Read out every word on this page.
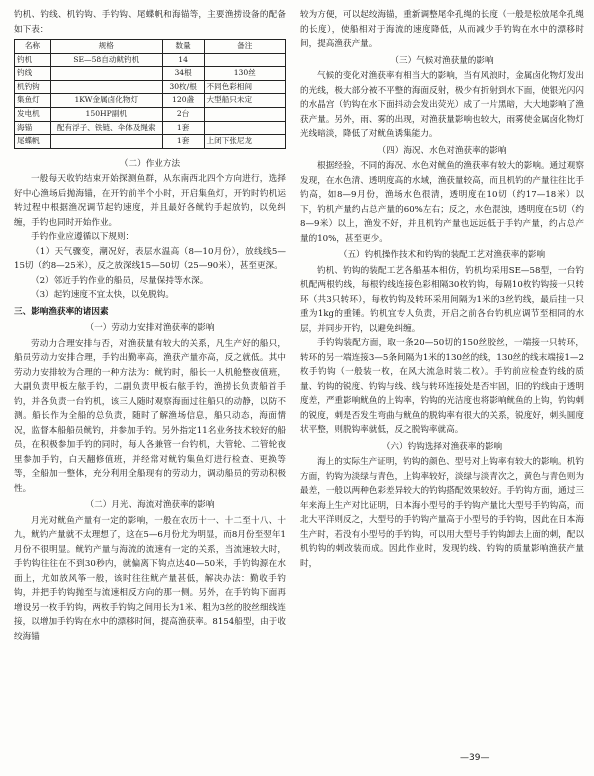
钓机、钓线、机钓钩、手钓钩、尾蝶帆和海锚等，主要渔捞设备的配备如下表：

名称	规格	数量	备注
钓机	SE—58自动鱿钓机	14	
钓线		34根	130丝
机钓钩		30枚/根	不同色彩相间
集鱼灯	1KW金属卤化物灯	120盏	大型船只未定
发电机	150HP副机	2台	
海锚	配有浮子、铁链、伞体及绳索	1套	
尾蝶帆		1套	上闭下张尼龙

（二）作业方法

一般每天收钓结束开始探测鱼群，从东南西北四个方向进行，选择好中心渔场后抛海锚，在开钓前半个小时，开启集鱼灯，开钓时钓机运转过程中根据渔况调节起钓速度，并且最好各鱿钓手起放钓，以免纠缠，手钓也同时开始作业。

手钓作业应遵循以下规则：

（1）天气骤变，潮况好，表层水温高（8—10月份），放线线5—15切（约8—25米），反之放深线15—50切（25—90米），甚至更深。

（2）邻近手钓作业的船员，尽量保持等水深。

（3）起钓速度不宜太快，以免脱钩。

三、影响渔获率的诸因素

（一）劳动力安排对渔获率的影响

劳动力合理安排与否，对渔获量有较大的关系，凡生产好的船只，船员劳动力安排合理，手钓出勤率高，渔获产量亦高，反之就低。其中劳动力安排较为合理的一种方法为：鱿钓时，船长一人机舱整夜值班，大副负责甲板左舷手钓，二副负责甲板右舷手钓，渔捞长负责船首手钓，并各负责一台钓机，该三人随时观察海面过往船只的动静，以防不测。船长作为全船的总负责，随时了解渔场信息，船只动态，海面情况，监督本船船员鱿钓，并参加手钓。另外指定11名业务技术较好的船员，在积极参加手钓的同时，每人各兼管一台钓机，大管轮、二管轮夜里参加手钓，白天翻修值班，并经常对鱿钓集鱼灯进行检查、更换等等，全船加一整体，充分利用全船现有的劳动力，调动船员的劳动积极性。

（二）月光、海流对渔获率的影响

月光对鱿鱼产量有一定的影响，一般在农历十一、十二至十八、十九，鱿钓产量就不太理想了，这在5—6月份尤为明显，而8月份至翌年1月份不很明显。鱿钓产量与海流的流速有一定的关系，当流速较大时，手钓钩往往在不到30秒内，就偏离下钩点达40—50米，手钓钩源在水面上，尤如放风筝一般，该时往往鱿产量甚低，解决办法：勤收手钓钩，并把手钓钩抛至与流速相反方向的那一侧。另外，在手钓钩下面再增设另一枚手钓钩，两枚手钓钩之间用长为1米、粗为3丝的胶丝细线连接，以增加手钓钩在水中的漂移时间，提高渔获率。8154船型，由于收绞海锚

较为方便，可以起绞海锚，重新调整尾伞孔绳的长度（一般是松放尾伞孔绳的长度），使船相对于海流的速度降低，从而减少手钓钩在水中的漂移时间，提高渔获产量。

（三）气候对渔获量的影响

气候的变化对渔获率有相当大的影响，当有风浪时，金属卤化物灯发出的光线，极大部分被不平整的海面反射，极少有折射到水下面，使银光闪闪的水晶宫（钓钩在水下面抖动会发出荧光）成了一片黑暗，大大地影响了渔获产量。另外，雨、雾的出现，对渔获量影响也较大，雨雾使金属卤化物灯光线暗淡，降低了对鱿鱼诱集能力。

（四）海况、水色对渔获率的影响

根据经验，不同的海况、水色对鱿鱼的渔获率有较大的影响。通过观察发现，在水色清、透明度高的水域，渔获量较高，而且机钓的产量往往比手钓高，如8—9月份，渔场水色很清，透明度在10切（约17—18米）以下，钓机产量约占总产量的60%左右；反之，水色混浊，透明度在5切（约8—9米）以上，渔发不好，并且机钓产量也远远低于手钓产量，约占总产量的10%，甚至更少。

（五）钓机操作技术和钓钩的装配工艺对渔获率的影响

钓机、钓钩的装配工艺各船基本相仿，钓机均采用SE—58型，一台钓机配两根钓线，每根钓线连接色彩相隔30枚钓钩，每隔10枚钓钩接一只转环（共3只转环），每枚钓钩及转环采用间隔为1米的3丝钓线，最后挂一只重为1kg的重锤。钓机宜专人负责，开启之前各台钓机应调节至相同的水层，并同步开钓，以避免纠缠。

手钓钩装配方面，取一条20—50切的150丝胶丝，一端接一只转环，转环的另一端连接3—5条间隔为1米的130丝的线，130丝的线末端接1—2枚手钓钩（一般装一枚，在风大流急时装二枚）。手钓前应检查钓线的质量、钓钩的锐度、钓钩与线、线与转环连接处是否牢固，旧的钓线由于透明度差，严重影响鱿鱼的上钩率，钓钩的光洁度也将影响鱿鱼的上钩，钓钩刺的锐度，刺是否发生弯曲与鱿鱼的脱钩率有很大的关系，锐度好，刺头圆度状平整，则脱钩率就低，反之脱钩率就高。

（六）钓钩选择对渔获率的影响

海上的实际生产证明，钓钩的颜色、型号对上钩率有较大的影响。机钓方面，钓钩为淡绿与青色，上钩率较好，淡绿与淡青次之，黄色与青色则为最差，一般以两种色彩差异较大的钓钩搭配效果较好。手钓钩方面，通过三年来海上生产对比证明，日本海小型号的手钓钩产量比大型号手钓钩高，而北大平洋则反之，大型号的手钓钩产量高于小型号的手钓钩，因此在日本海生产时，若没有小型号的手钓钩，可以用大型号手钓钩卸去上面的刺，配以机钓钩的刺改装而成。因此作业时，发现钓线、钓钩的质量影响渔获产量时，

—39—
